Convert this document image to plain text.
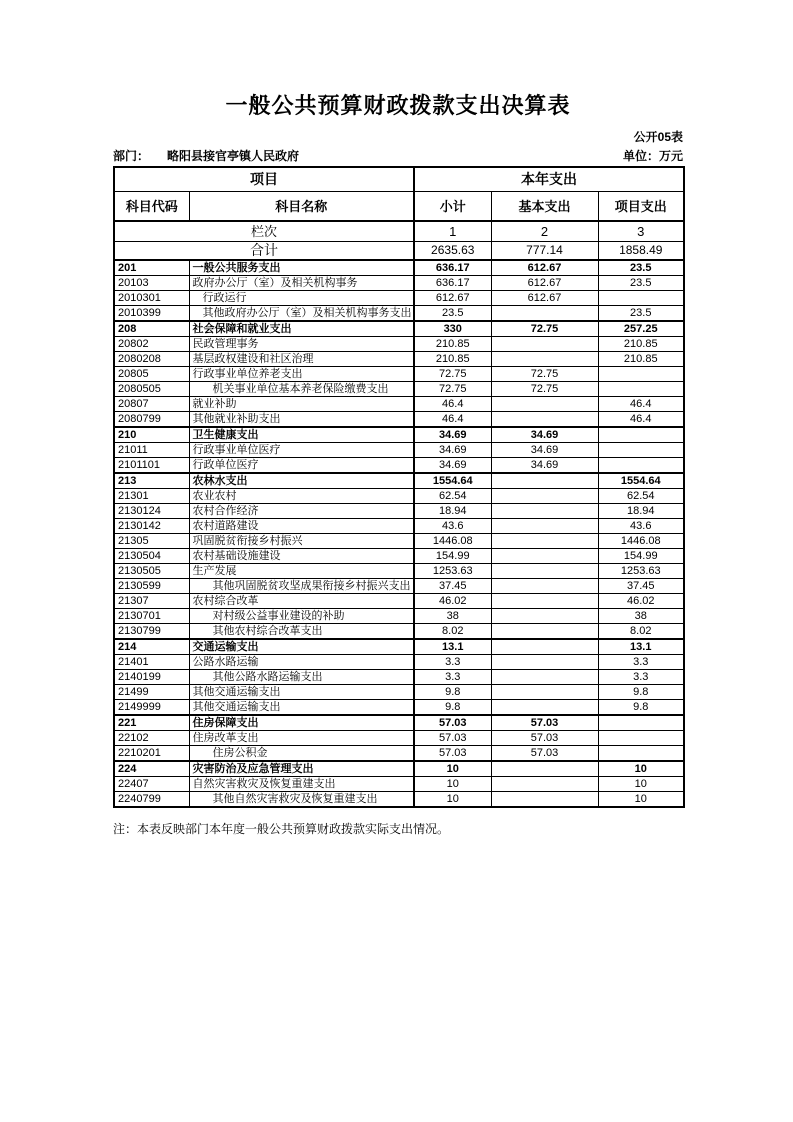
一般公共预算财政拨款支出决算表
公开05表
部门： 略阳县接官亭镇人民政府	单位：万元
项目		本年支出		
科目代码	科目名称	小计	基本支出	项目支出
栏次		1	2	3
合计		2635.63	777.14	1858.49
201	一般公共服务支出	636.17	612.67	23.5
20103	政府办公厅（室）及相关机构事务	636.17	612.67	23.5
2010301	行政运行	612.67	612.67	
2010399	其他政府办公厅（室）及相关机构事务支出	23.5		23.5
208	社会保障和就业支出	330	72.75	257.25
20802	民政管理事务	210.85		210.85
2080208	基层政权建设和社区治理	210.85		210.85
20805	行政事业单位养老支出	72.75	72.75	
2080505	机关事业单位基本养老保险缴费支出	72.75	72.75	
20807	就业补助	46.4		46.4
2080799	其他就业补助支出	46.4		46.4
210	卫生健康支出	34.69	34.69	
21011	行政事业单位医疗	34.69	34.69	
2101101	行政单位医疗	34.69	34.69	
213	农林水支出	1554.64		1554.64
21301	农业农村	62.54		62.54
2130124	农村合作经济	18.94		18.94
2130142	农村道路建设	43.6		43.6
21305	巩固脱贫衔接乡村振兴	1446.08		1446.08
2130504	农村基础设施建设	154.99		154.99
2130505	生产发展	1253.63		1253.63
2130599	其他巩固脱贫攻坚成果衔接乡村振兴支出	37.45		37.45
21307	农村综合改革	46.02		46.02
2130701	对村级公益事业建设的补助	38		38
2130799	其他农村综合改革支出	8.02		8.02
214	交通运输支出	13.1		13.1
21401	公路水路运输	3.3		3.3
2140199	其他公路水路运输支出	3.3		3.3
21499	其他交通运输支出	9.8		9.8
2149999	其他交通运输支出	9.8		9.8
221	住房保障支出	57.03	57.03	
22102	住房改革支出	57.03	57.03	
2210201	住房公积金	57.03	57.03	
224	灾害防治及应急管理支出	10		10
22407	自然灾害救灾及恢复重建支出	10		10
2240799	其他自然灾害救灾及恢复重建支出	10		10
注：本表反映部门本年度一般公共预算财政拨款实际支出情况。
